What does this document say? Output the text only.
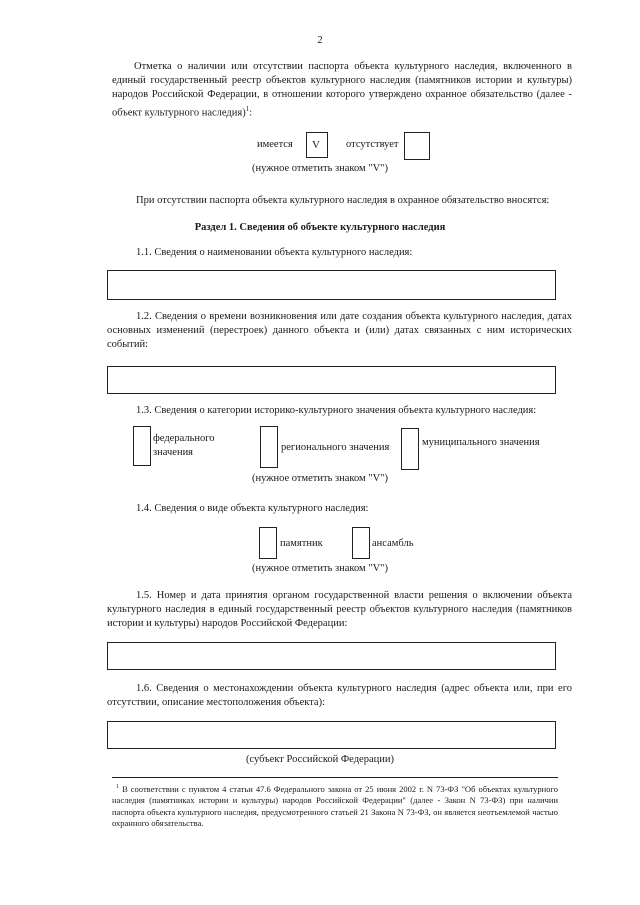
2
Отметка о наличии или отсутствии паспорта объекта культурного наследия, включенного в единый государственный реестр объектов культурного наследия (памятников истории и культуры) народов Российской Федерации, в отношении которого утверждено охранное обязательство (далее - объект культурного наследия)$^1$:
имеется V отсутствует
(нужное отметить знаком "V")
При отсутствии паспорта объекта культурного наследия в охранное обязательство вносятся:
Раздел 1. Сведения об объекте культурного наследия
1.1. Сведения о наименовании объекта культурного наследия:
1.2. Сведения о времени возникновения или дате создания объекта культурного наследия, датах основных изменений (перестроек) данного объекта и (или) датах связанных с ним исторических событий:
1.3. Сведения о категории историко-культурного значения объекта культурного наследия:
федерального
значения	регионального значения	муниципального значения
(нужное отметить знаком "V")
1.4. Сведения о виде объекта культурного наследия:
памятник	ансамбль
(нужное отметить знаком "V")
1.5. Номер и дата принятия органом государственной власти решения о включении объекта культурного наследия в единый государственный реестр объектов культурного наследия (памятников истории и культуры) народов Российской Федерации:
1.6. Сведения о местонахождении объекта культурного наследия (адрес объекта или, при его отсутствии, описание местоположения объекта):
(субъект Российской Федерации)
$^1$ В соответствии с пунктом 4 статьи 47.6 Федерального закона от 25 июня 2002 г. N 73-ФЗ "Об объектах культурного наследия (памятниках истории и культуры) народов Российской Федерации" (далее - Закон N 73-ФЗ) при наличии паспорта объекта культурного наследия, предусмотренного статьей 21 Закона N 73-ФЗ, он является неотъемлемой частью охранного обязательства.
